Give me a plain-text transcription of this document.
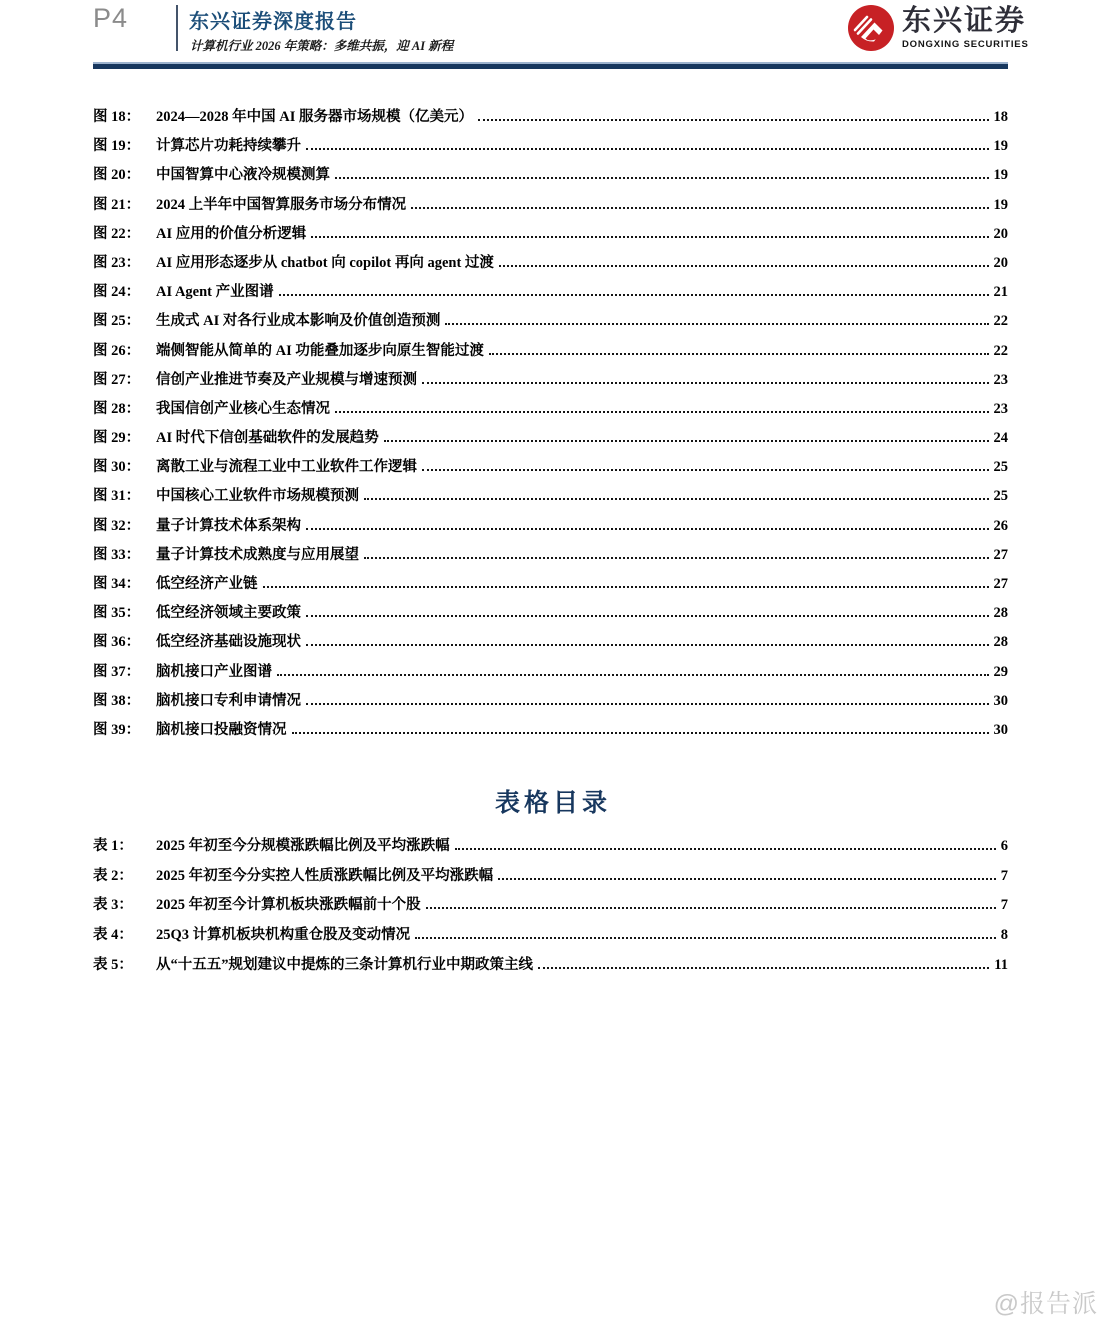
P4	东兴证券深度报告
计算机行业 2026 年策略：多维共振，迎 AI 新程
东兴证券
DONGXING SECURITIES
图 18：	2024—2028 年中国 AI 服务器市场规模（亿美元）	18
图 19：	计算芯片功耗持续攀升	19
图 20：	中国智算中心液冷规模测算	19
图 21：	2024 上半年中国智算服务市场分布情况	19
图 22：	AI 应用的价值分析逻辑	20
图 23：	AI 应用形态逐步从 chatbot 向 copilot 再向 agent 过渡	20
图 24：	AI Agent 产业图谱	21
图 25：	生成式 AI 对各行业成本影响及价值创造预测	22
图 26：	端侧智能从简单的 AI 功能叠加逐步向原生智能过渡	22
图 27：	信创产业推进节奏及产业规模与增速预测	23
图 28：	我国信创产业核心生态情况	23
图 29：	AI 时代下信创基础软件的发展趋势	24
图 30：	离散工业与流程工业中工业软件工作逻辑	25
图 31：	中国核心工业软件市场规模预测	25
图 32：	量子计算技术体系架构	26
图 33：	量子计算技术成熟度与应用展望	27
图 34：	低空经济产业链	27
图 35：	低空经济领域主要政策	28
图 36：	低空经济基础设施现状	28
图 37：	脑机接口产业图谱	29
图 38：	脑机接口专利申请情况	30
图 39：	脑机接口投融资情况	30
表格目录
表 1：	2025 年初至今分规模涨跌幅比例及平均涨跌幅	6
表 2：	2025 年初至今分实控人性质涨跌幅比例及平均涨跌幅	7
表 3：	2025 年初至今计算机板块涨跌幅前十个股	7
表 4：	25Q3 计算机板块机构重仓股及变动情况	8
表 5：	从“十五五”规划建议中提炼的三条计算机行业中期政策主线	11
@报告派
